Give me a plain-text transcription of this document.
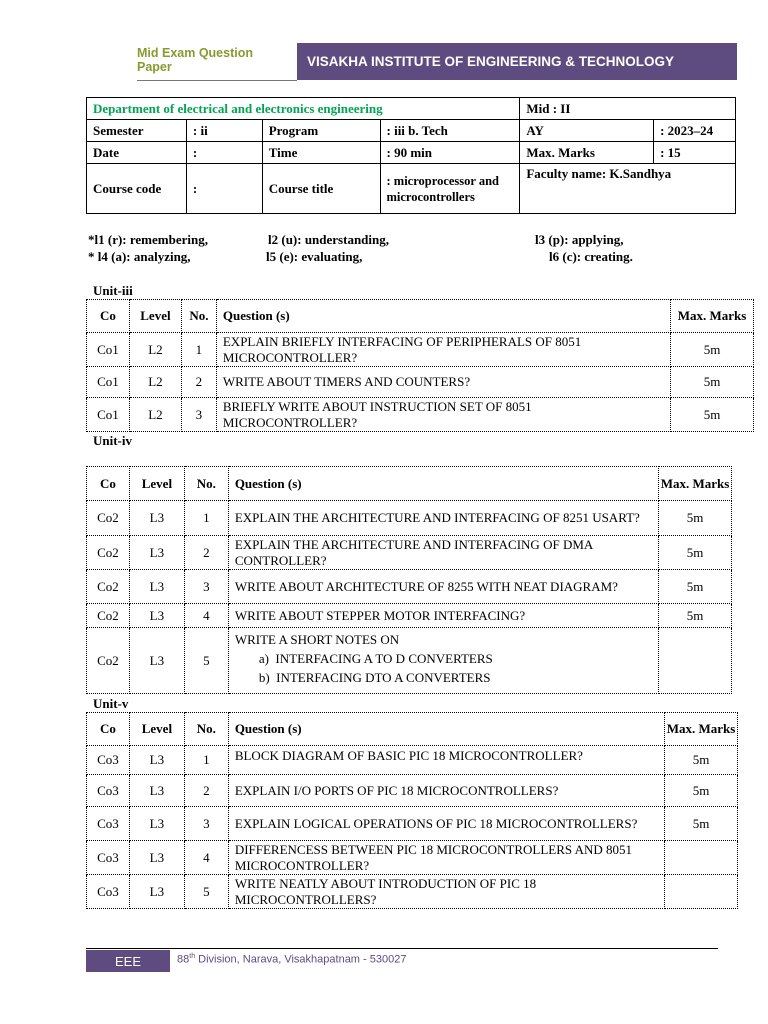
Mid Exam Question Paper	VISAKHA INSTITUTE OF ENGINEERING & TECHNOLOGY
Department of electrical and electronics engineering				Mid : II	
Semester	: ii	Program	: iii b. Tech	AY	: 2023–24
Date	:	Time	: 90 min	Max. Marks	: 15
Course code	:	Course title	: microprocessor and microcontrollers	Faculty name: K.Sandhya	
*l1 (r): remembering,	l2 (u): understanding,	l3 (p): applying,
* l4 (a): analyzing,	l5 (e): evaluating,	l6 (c): creating.
Unit-iii
Co	Level	No.	Question (s)	Max. Marks
Co1	L2	1	EXPLAIN BRIEFLY INTERFACING OF PERIPHERALS OF 8051 MICROCONTROLLER?	5m
Co1	L2	2	WRITE ABOUT TIMERS AND COUNTERS?	5m
Co1	L2	3	BRIEFLY WRITE ABOUT INSTRUCTION SET OF 8051 MICROCONTROLLER?	5m
Unit-iv
Co	Level	No.	Question (s)	Max. Marks
Co2	L3	1	EXPLAIN THE ARCHITECTURE AND INTERFACING OF 8251 USART?	5m
Co2	L3	2	EXPLAIN THE ARCHITECTURE AND INTERFACING OF DMA CONTROLLER?	5m
Co2	L3	3	WRITE ABOUT ARCHITECTURE OF 8255 WITH NEAT DIAGRAM?	5m
Co2	L3	4	WRITE ABOUT STEPPER MOTOR INTERFACING?	5m
Co2	L3	5	WRITE A SHORT NOTES ON
a)  INTERFACING A TO D CONVERTERS
b)  INTERFACING DTO A CONVERTERS	

Unit-v
Co	Level	No.	Question (s)	Max. Marks
Co3	L3	1	BLOCK DIAGRAM OF BASIC PIC 18 MICROCONTROLLER?	5m
Co3	L3	2	EXPLAIN I/O PORTS OF PIC 18 MICROCONTROLLERS?	5m
Co3	L3	3	EXPLAIN LOGICAL OPERATIONS OF PIC 18 MICROCONTROLLERS?	5m
Co3	L3	4	DIFFERENCESS BETWEEN PIC 18 MICROCONTROLLERS AND 8051 MICROCONTROLLER?	
Co3	L3	5	WRITE NEATLY ABOUT INTRODUCTION OF PIC 18 MICROCONTROLLERS?	
EEE	88th Division, Narava, Visakhapatnam - 530027
